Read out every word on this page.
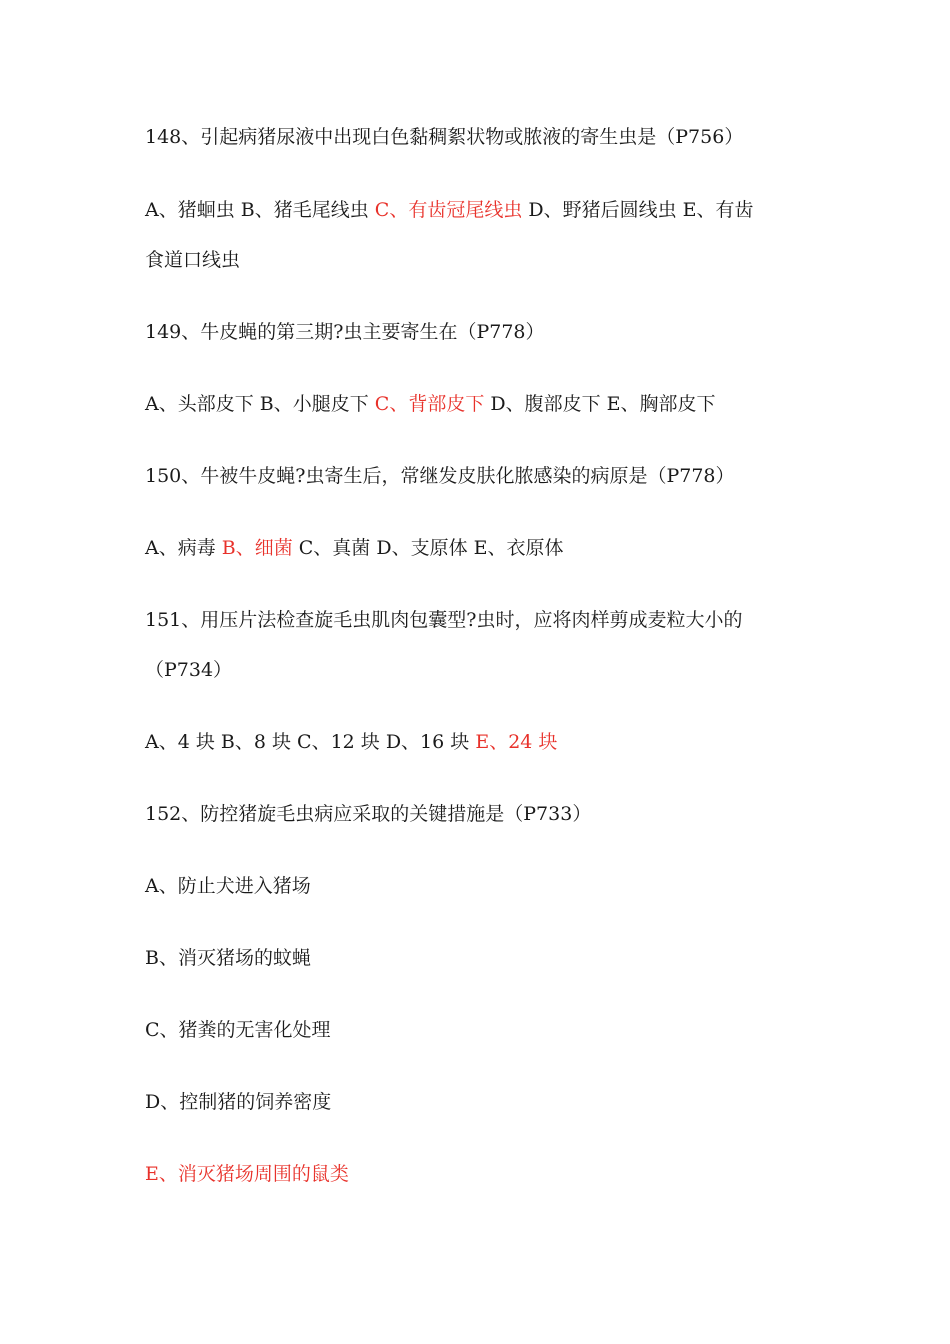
148、引起病猪尿液中出现白色黏稠絮状物或脓液的寄生虫是（P756）

A、猪蛔虫 B、猪毛尾线虫 C、有齿冠尾线虫 D、野猪后圆线虫 E、有齿

食道口线虫

149、牛皮蝇的第三期?虫主要寄生在（P778）

A、头部皮下 B、小腿皮下 C、背部皮下 D、腹部皮下 E、胸部皮下

150、牛被牛皮蝇?虫寄生后，常继发皮肤化脓感染的病原是（P778）

A、病毒 B、细菌 C、真菌 D、支原体 E、衣原体

151、用压片法检查旋毛虫肌肉包囊型?虫时，应将肉样剪成麦粒大小的

（P734）

A、4 块 B、8 块 C、12 块 D、16 块 E、24 块

152、防控猪旋毛虫病应采取的关键措施是（P733）

A、防止犬进入猪场

B、消灭猪场的蚊蝇

C、猪粪的无害化处理

D、控制猪的饲养密度

E、消灭猪场周围的鼠类
